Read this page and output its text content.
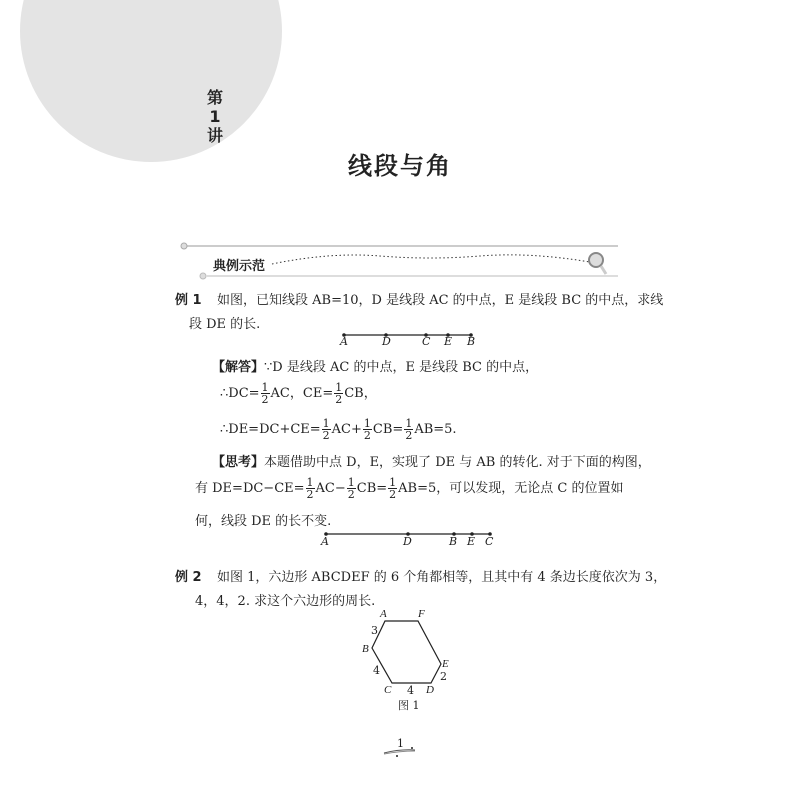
第
1
讲
线段与角
典例示范
例 1 如图，已知线段 AB=10，D 是线段 AC 的中点，E 是线段 BC 的中点，求线
段 DE 的长.
A	D	C E B
【解答】∵D 是线段 AC 的中点，E 是线段 BC 的中点，
∴DC= $\frac{1}{2}$ AC，$CE= \frac{1}{2}$ CB，
∴DE=DC+CE= $\frac{1}{2} AC+ \frac{1}{2} CB= \frac{1}{2} AB=5$.
【思考】本题借助中点 D，E，实现了 DE 与 AB 的转化. 对于下面的构图，
有 $DE=DC-CE= \frac{1}{2} AC- \frac{1}{2} CB= \frac{1}{2} AB=5$，可以发现，无论点 C 的位置如
何，线段 DE 的长不变.
A	D	B E C
例 2 如图 1，六边形 ABCDEF 的 6 个角都相等，且其中有 4 条边长度依次为 3，
4，4，2. 求这个六边形的周长.
A	F
E
D
C
B
3
4
4
2
图 1
1
